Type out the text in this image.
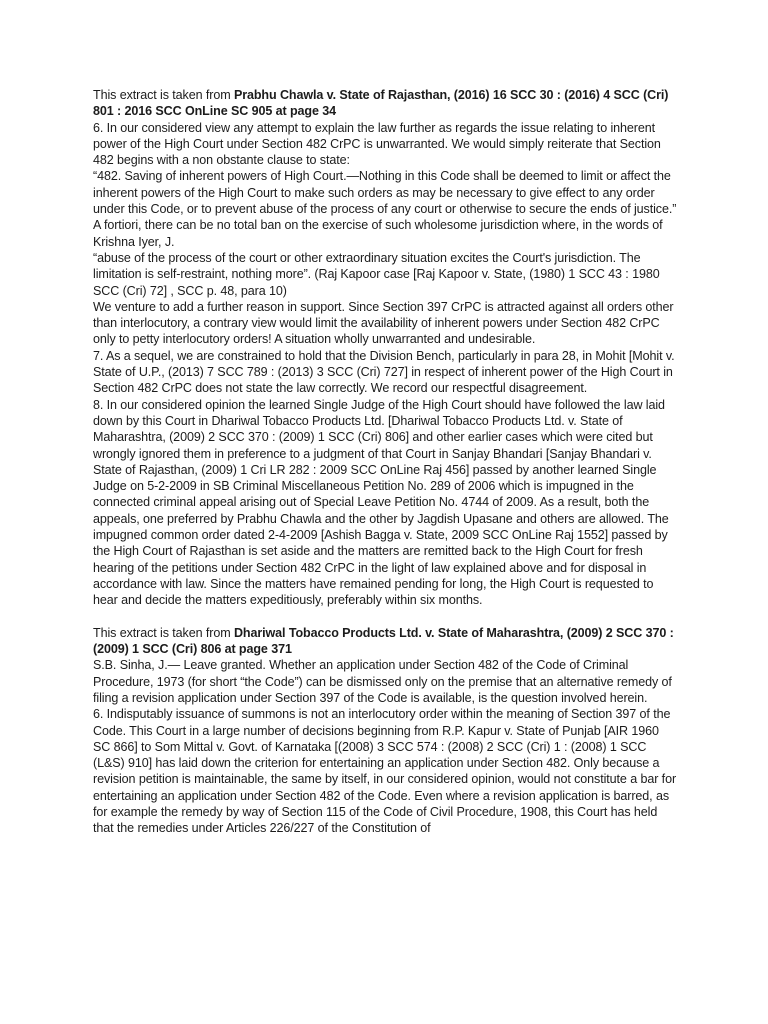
This extract is taken from Prabhu Chawla v. State of Rajasthan, (2016) 16 SCC 30 : (2016) 4 SCC (Cri) 801 : 2016 SCC OnLine SC 905 at page 34

6. In our considered view any attempt to explain the law further as regards the issue relating to inherent power of the High Court under Section 482 CrPC is unwarranted. We would simply reiterate that Section 482 begins with a non obstante clause to state:

“482. Saving of inherent powers of High Court.—Nothing in this Code shall be deemed to limit or affect the inherent powers of the High Court to make such orders as may be necessary to give effect to any order under this Code, or to prevent abuse of the process of any court or otherwise to secure the ends of justice.”

A fortiori, there can be no total ban on the exercise of such wholesome jurisdiction where, in the words of Krishna Iyer, J.

“abuse of the process of the court or other extraordinary situation excites the Court's jurisdiction. The limitation is self-restraint, nothing more”. (Raj Kapoor case [Raj Kapoor v. State, (1980) 1 SCC 43 : 1980 SCC (Cri) 72] , SCC p. 48, para 10)

We venture to add a further reason in support. Since Section 397 CrPC is attracted against all orders other than interlocutory, a contrary view would limit the availability of inherent powers under Section 482 CrPC only to petty interlocutory orders! A situation wholly unwarranted and undesirable.

7. As a sequel, we are constrained to hold that the Division Bench, particularly in para 28, in Mohit [Mohit v. State of U.P., (2013) 7 SCC 789 : (2013) 3 SCC (Cri) 727] in respect of inherent power of the High Court in Section 482 CrPC does not state the law correctly. We record our respectful disagreement.

8. In our considered opinion the learned Single Judge of the High Court should have followed the law laid down by this Court in Dhariwal Tobacco Products Ltd. [Dhariwal Tobacco Products Ltd. v. State of Maharashtra, (2009) 2 SCC 370 : (2009) 1 SCC (Cri) 806] and other earlier cases which were cited but wrongly ignored them in preference to a judgment of that Court in Sanjay Bhandari [Sanjay Bhandari v. State of Rajasthan, (2009) 1 Cri LR 282 : 2009 SCC OnLine Raj 456] passed by another learned Single Judge on 5-2-2009 in SB Criminal Miscellaneous Petition No. 289 of 2006 which is impugned in the connected criminal appeal arising out of Special Leave Petition No. 4744 of 2009. As a result, both the appeals, one preferred by Prabhu Chawla and the other by Jagdish Upasane and others are allowed. The impugned common order dated 2-4-2009 [Ashish Bagga v. State, 2009 SCC OnLine Raj 1552] passed by the High Court of Rajasthan is set aside and the matters are remitted back to the High Court for fresh hearing of the petitions under Section 482 CrPC in the light of law explained above and for disposal in accordance with law. Since the matters have remained pending for long, the High Court is requested to hear and decide the matters expeditiously, preferably within six months.

This extract is taken from Dhariwal Tobacco Products Ltd. v. State of Maharashtra, (2009) 2 SCC 370 : (2009) 1 SCC (Cri) 806 at page 371

S.B. Sinha, J.— Leave granted. Whether an application under Section 482 of the Code of Criminal Procedure, 1973 (for short “the Code”) can be dismissed only on the premise that an alternative remedy of filing a revision application under Section 397 of the Code is available, is the question involved herein.

6. Indisputably issuance of summons is not an interlocutory order within the meaning of Section 397 of the Code. This Court in a large number of decisions beginning from R.P. Kapur v. State of Punjab [AIR 1960 SC 866] to Som Mittal v. Govt. of Karnataka [(2008) 3 SCC 574 : (2008) 2 SCC (Cri) 1 : (2008) 1 SCC (L&S) 910] has laid down the criterion for entertaining an application under Section 482. Only because a revision petition is maintainable, the same by itself, in our considered opinion, would not constitute a bar for entertaining an application under Section 482 of the Code. Even where a revision application is barred, as for example the remedy by way of Section 115 of the Code of Civil Procedure, 1908, this Court has held that the remedies under Articles 226/227 of the Constitution of
